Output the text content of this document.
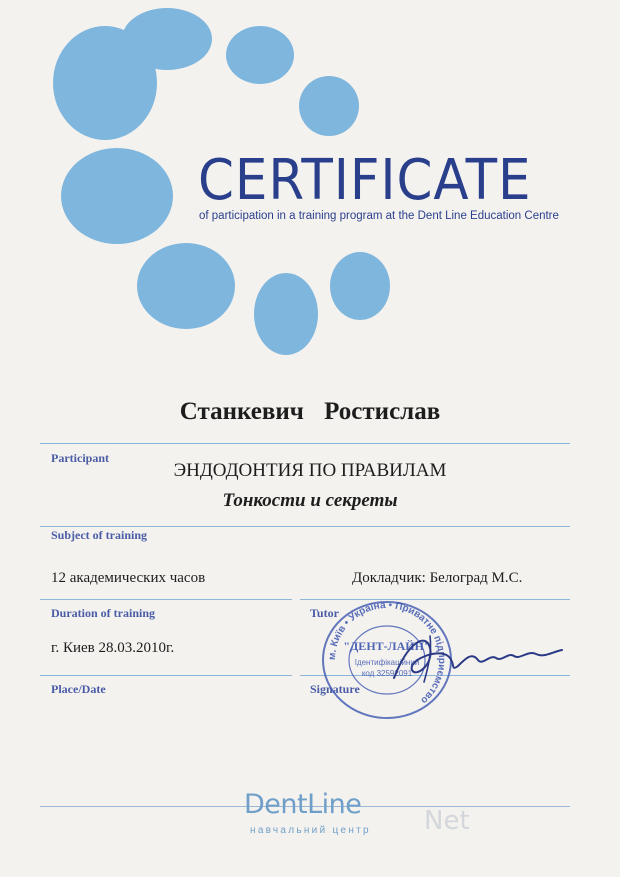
CERTIFICATE
of participation in a training program at the Dent Line Education Centre
Станкевич Ростислав
Participant
ЭНДОДОНТИЯ ПО ПРАВИЛАМ
Тонкости и секреты
Subject of training
12 академических часов	Докладчик: Белоград М.С.
Duration of training	Tutor
г. Киев 28.03.2010г.
Place/Date	Signature
м. Київ • Україна • Приватне підприємство
"ДЕНТ-ЛАЙН"
Ідентифікаційний
код 32592091
DentLine
навчальний центр Net
